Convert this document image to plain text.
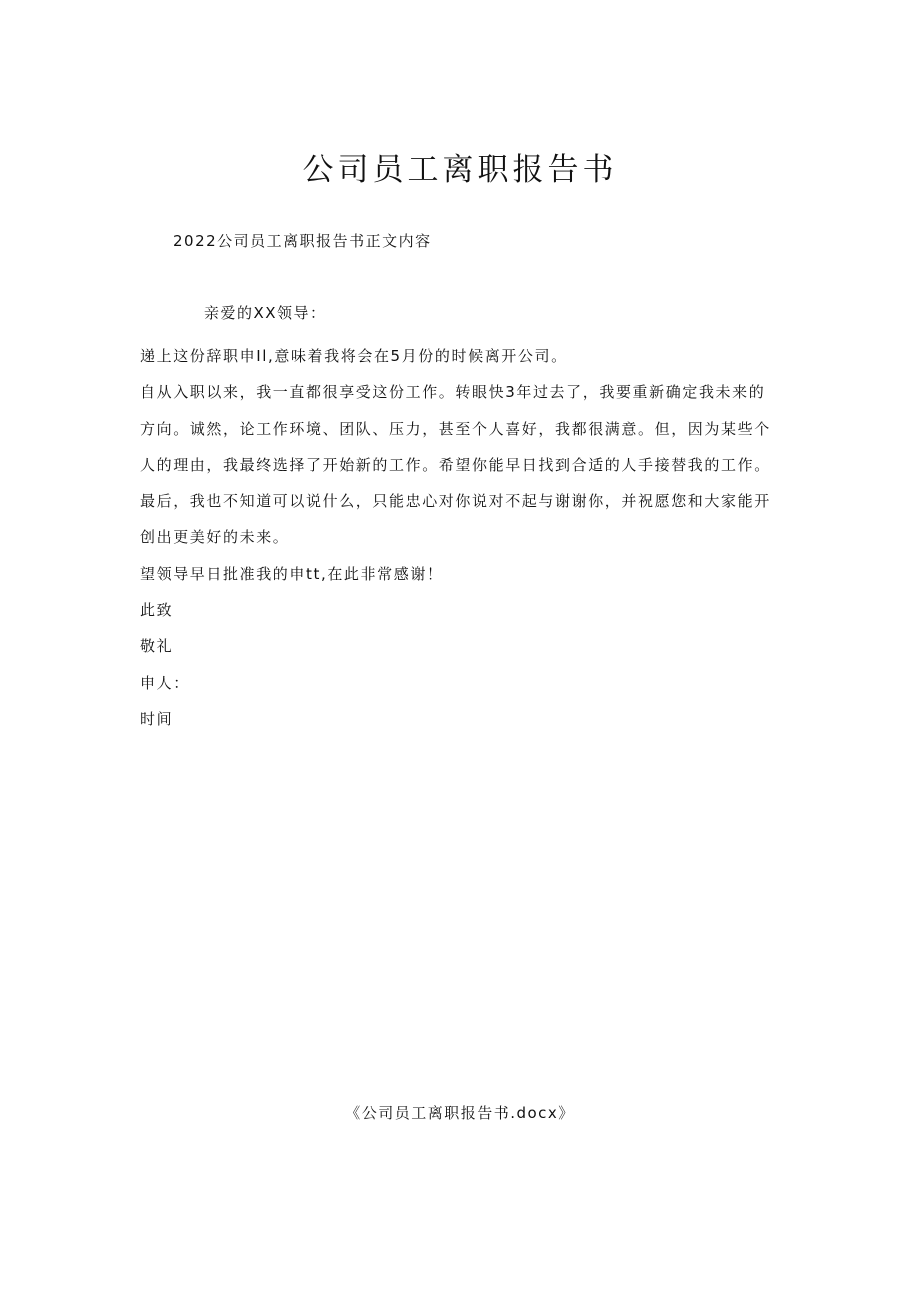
公司员工离职报告书
2022公司员工离职报告书正文内容
亲爱的XX领导：

递上这份辞职申Il,意味着我将会在5月份的时候离开公司。

自从入职以来，我一直都很享受这份工作。转眼快3年过去了，我要重新确定我未来的方向。诚然，论工作环境、团队、压力，甚至个人喜好，我都很满意。但，因为某些个人的理由，我最终选择了开始新的工作。希望你能早日找到合适的人手接替我的工作。

最后，我也不知道可以说什么，只能忠心对你说对不起与谢谢你，并祝愿您和大家能开创出更美好的未来。

望领导早日批准我的申tt,在此非常感谢！

此致

敬礼

申人：

时间

《公司员工离职报告书.docx》
